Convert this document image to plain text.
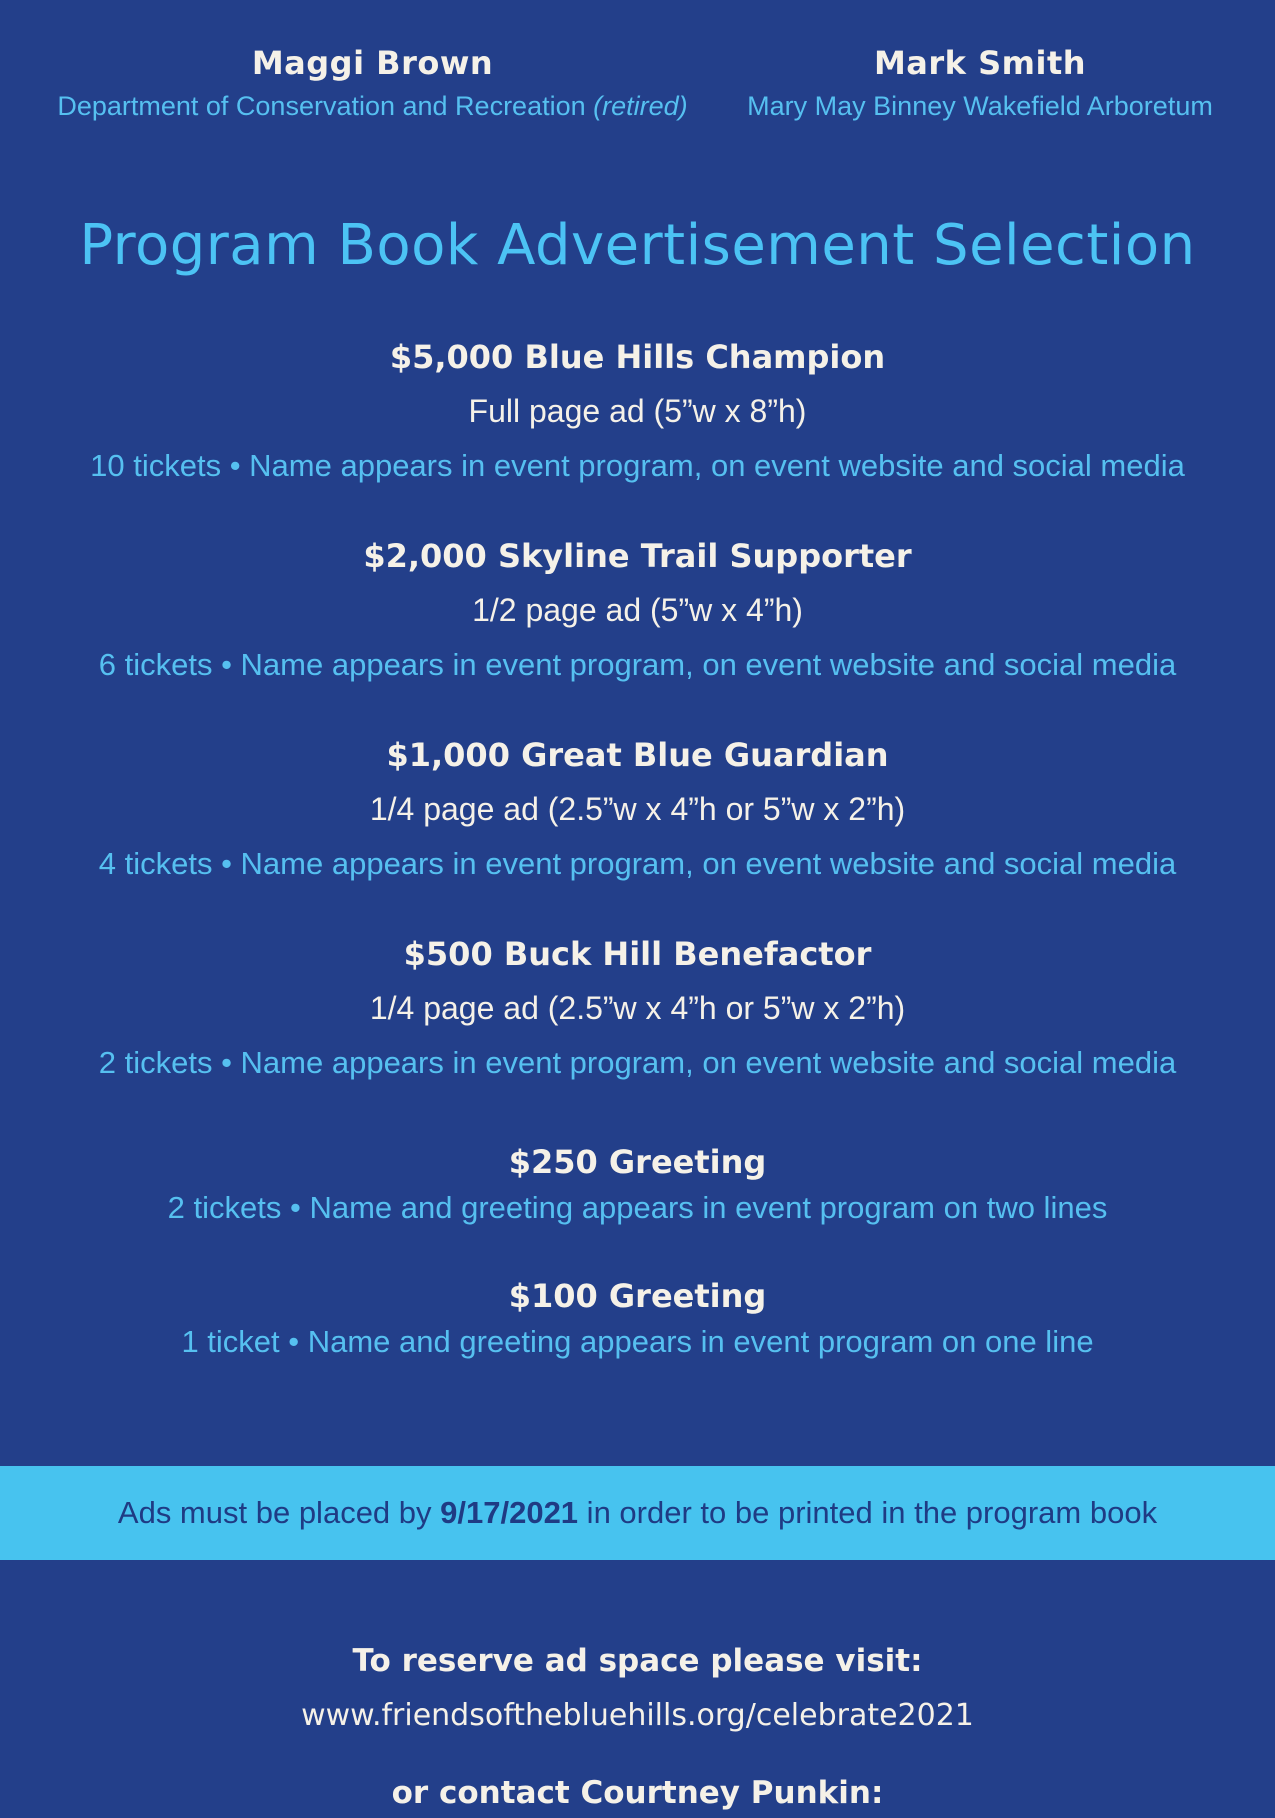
Maggi Brown
Department of Conservation and Recreation (retired)
Mark Smith
Mary May Binney Wakefield Arboretum
Program Book Advertisement Selection
$5,000 Blue Hills Champion
Full page ad (5”w x 8”h)
10 tickets • Name appears in event program, on event website and social media
$2,000 Skyline Trail Supporter
1/2 page ad (5”w x 4”h)
6 tickets • Name appears in event program, on event website and social media
$1,000 Great Blue Guardian
1/4 page ad (2.5”w x 4”h or 5”w x 2”h)
4 tickets • Name appears in event program, on event website and social media
$500 Buck Hill Benefactor
1/4 page ad (2.5”w x 4”h or 5”w x 2”h)
2 tickets • Name appears in event program, on event website and social media
$250 Greeting
2 tickets • Name and greeting appears in event program on two lines
$100 Greeting
1 ticket • Name and greeting appears in event program on one line
Ads must be placed by 9/17/2021 in order to be printed in the program book
To reserve ad space please visit:
www.friendsofthebluehills.org/celebrate2021
or contact Courtney Punkin:
